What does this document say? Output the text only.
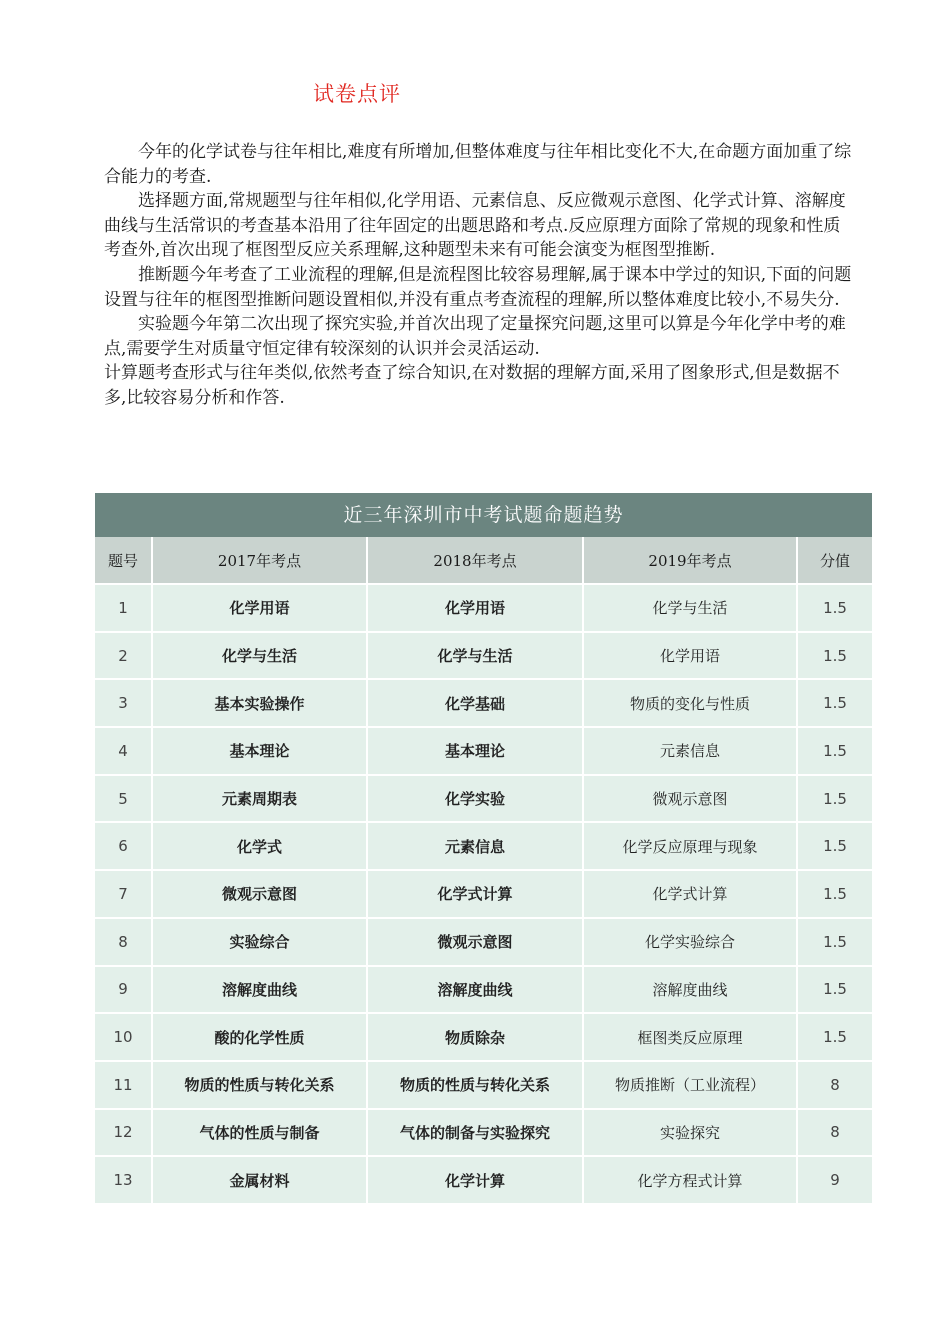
试卷点评

今年的化学试卷与往年相比,难度有所增加,但整体难度与往年相比变化不大,在命题方面加重了综合能力的考查.

选择题方面,常规题型与往年相似,化学用语、元素信息、反应微观示意图、化学式计算、溶解度曲线与生活常识的考查基本沿用了往年固定的出题思路和考点.反应原理方面除了常规的现象和性质考查外,首次出现了框图型反应关系理解,这种题型未来有可能会演变为框图型推断.

推断题今年考查了工业流程的理解,但是流程图比较容易理解,属于课本中学过的知识,下面的问题设置与往年的框图型推断问题设置相似,并没有重点考查流程的理解,所以整体难度比较小,不易失分.

实验题今年第二次出现了探究实验,并首次出现了定量探究问题,这里可以算是今年化学中考的难点,需要学生对质量守恒定律有较深刻的认识并会灵活运动.

计算题考查形式与往年类似,依然考查了综合知识,在对数据的理解方面,采用了图象形式,但是数据不多,比较容易分析和作答.

近三年深圳市中考试题命题趋势
题号	2017年考点	2018年考点	2019年考点	分值
1	化学用语	化学用语	化学与生活	1.5
2	化学与生活	化学与生活	化学用语	1.5
3	基本实验操作	化学基础	物质的变化与性质	1.5
4	基本理论	基本理论	元素信息	1.5
5	元素周期表	化学实验	微观示意图	1.5
6	化学式	元素信息	化学反应原理与现象	1.5
7	微观示意图	化学式计算	化学式计算	1.5
8	实验综合	微观示意图	化学实验综合	1.5
9	溶解度曲线	溶解度曲线	溶解度曲线	1.5
10	酸的化学性质	物质除杂	框图类反应原理	1.5
11	物质的性质与转化关系	物质的性质与转化关系	物质推断（工业流程）	8
12	气体的性质与制备	气体的制备与实验探究	实验探究	8
13	金属材料	化学计算	化学方程式计算	9
